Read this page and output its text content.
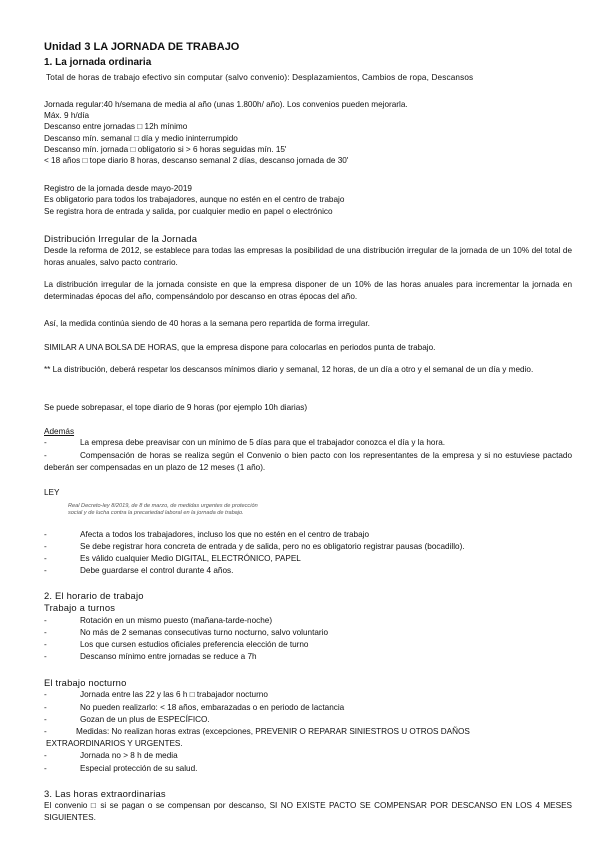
Unidad 3 LA JORNADA DE TRABAJO
1. La jornada ordinaria
Total de horas de trabajo efectivo sin computar (salvo convenio): Desplazamientos, Cambios de ropa, Descansos
Jornada regular:40 h/semana de media al año (unas 1.800h/ año). Los convenios pueden mejorarla.
Máx. 9 h/día
Descanso entre jornadas □ 12h mínimo
Descanso mín. semanal □ día y medio ininterrumpido
Descanso mín. jornada □ obligatorio si > 6 horas seguidas mín. 15'
< 18 años □ tope diario 8 horas, descanso semanal 2 días, descanso jornada de 30'
Registro de la jornada desde mayo-2019
Es obligatorio para todos los trabajadores, aunque no estén en el centro de trabajo
Se registra hora de entrada y salida, por cualquier medio en papel o electrónico
Distribución Irregular de la Jornada
Desde la reforma de 2012, se establece para todas las empresas la posibilidad de una distribución irregular de la jornada de un 10% del total de horas anuales, salvo pacto contrario.
La distribución irregular de la jornada consiste en que la empresa disponer de un 10% de las horas anuales para incrementar la jornada en determinadas épocas del año, compensándolo por descanso en otras épocas del año.
Así, la medida continúa siendo de 40 horas a la semana pero repartida de forma irregular.
SIMILAR A UNA BOLSA DE HORAS, que la empresa dispone para colocarlas en periodos punta de trabajo.
** La distribución, deberá respetar los descansos mínimos diario y semanal, 12 horas, de un día a otro y el semanal de un día y medio.
Se puede sobrepasar, el tope diario de 9 horas (por ejemplo 10h diarias)
Además
-	La empresa debe preavisar con un mínimo de 5 días para que el trabajador conozca el día y la hora.
-	Compensación de horas se realiza según el Convenio o bien pacto con los representantes de la empresa y si no estuviese pactado deberán ser compensadas en un plazo de 12 meses (1 año).
LEY
Real Decreto-ley 8/2019, de 8 de marzo, de medidas urgentes de protección
social y de lucha contra la precariedad laboral en la jornada de trabajo.
-	Afecta a todos los trabajadores, incluso los que no estén en el centro de trabajo
-	Se debe registrar hora concreta de entrada y de salida, pero no es obligatorio registrar pausas (bocadillo).
-	Es válido cualquier Medio DIGITAL, ELECTRÓNICO, PAPEL
-	Debe guardarse el control durante 4 años.
2. El horario de trabajo
Trabajo a turnos
-	Rotación en un mismo puesto (mañana-tarde-noche)
-	No más de 2 semanas consecutivas turno nocturno, salvo voluntario
-	Los que cursen estudios oficiales preferencia elección de turno
-	Descanso mínimo entre jornadas se reduce a 7h
El trabajo nocturno
-	Jornada entre las 22 y las 6 h □ trabajador nocturno
-	No pueden realizarlo: < 18 años, embarazadas o en periodo de lactancia
-	Gozan de un plus de ESPECÍFICO.
-	Medidas: No realizan horas extras (excepciones, PREVENIR O REPARAR SINIESTROS U OTROS DAÑOS
EXTRAORDINARIOS Y URGENTES.
-	Jornada no > 8 h de media
-	Especial protección de su salud.
3. Las horas extraordinarias
El convenio □ si se pagan o se compensan por descanso, SI NO EXISTE PACTO SE COMPENSAR POR DESCANSO EN LOS 4 MESES SIGUIENTES.
